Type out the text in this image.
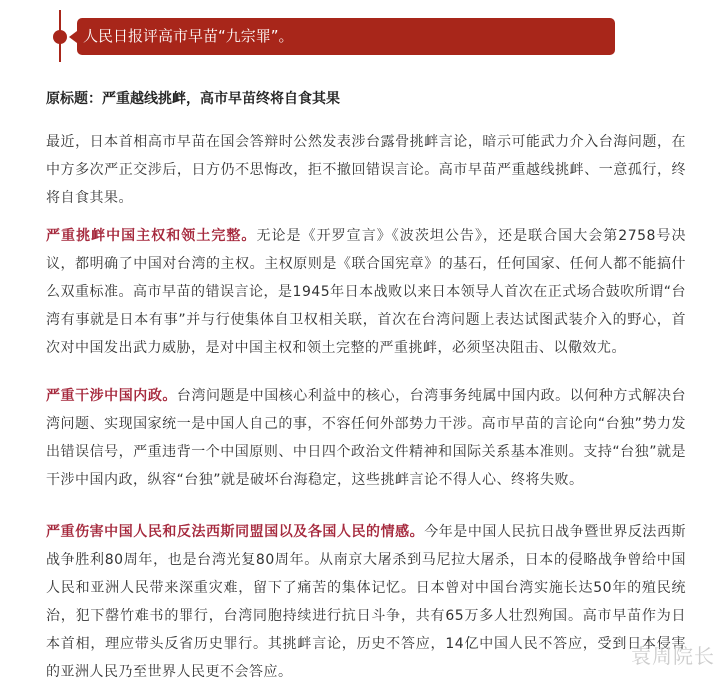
人民日报评高市早苗“九宗罪”。
原标题：严重越线挑衅，高市早苗终将自食其果
最近，日本首相高市早苗在国会答辩时公然发表涉台露骨挑衅言论，暗示可能武力介入台海问题，在中方多次严正交涉后，日方仍不思悔改，拒不撤回错误言论。高市早苗严重越线挑衅、一意孤行，终将自食其果。
严重挑衅中国主权和领土完整。无论是《开罗宣言》《波茨坦公告》，还是联合国大会第2758号决议，都明确了中国对台湾的主权。主权原则是《联合国宪章》的基石，任何国家、任何人都不能搞什么双重标准。高市早苗的错误言论，是1945年日本战败以来日本领导人首次在正式场合鼓吹所谓“台湾有事就是日本有事”并与行使集体自卫权相关联，首次在台湾问题上表达试图武装介入的野心，首次对中国发出武力威胁，是对中国主权和领土完整的严重挑衅，必须坚决阻击、以儆效尤。
严重干涉中国内政。台湾问题是中国核心利益中的核心，台湾事务纯属中国内政。以何种方式解决台湾问题、实现国家统一是中国人自己的事，不容任何外部势力干涉。高市早苗的言论向“台独”势力发出错误信号，严重违背一个中国原则、中日四个政治文件精神和国际关系基本准则。支持“台独”就是干涉中国内政，纵容“台独”就是破坏台海稳定，这些挑衅言论不得人心、终将失败。
严重伤害中国人民和反法西斯同盟国以及各国人民的情感。今年是中国人民抗日战争暨世界反法西斯战争胜利80周年，也是台湾光复80周年。从南京大屠杀到马尼拉大屠杀，日本的侵略战争曾给中国人民和亚洲人民带来深重灾难，留下了痛苦的集体记忆。日本曾对中国台湾实施长达50年的殖民统治，犯下罄竹难书的罪行，台湾同胞持续进行抗日斗争，共有65万多人壮烈殉国。高市早苗作为日本首相，理应带头反省历史罪行。其挑衅言论，历史不答应，14亿中国人民不答应，受到日本侵害的亚洲人民乃至世界人民更不会答应。
袁周院长
